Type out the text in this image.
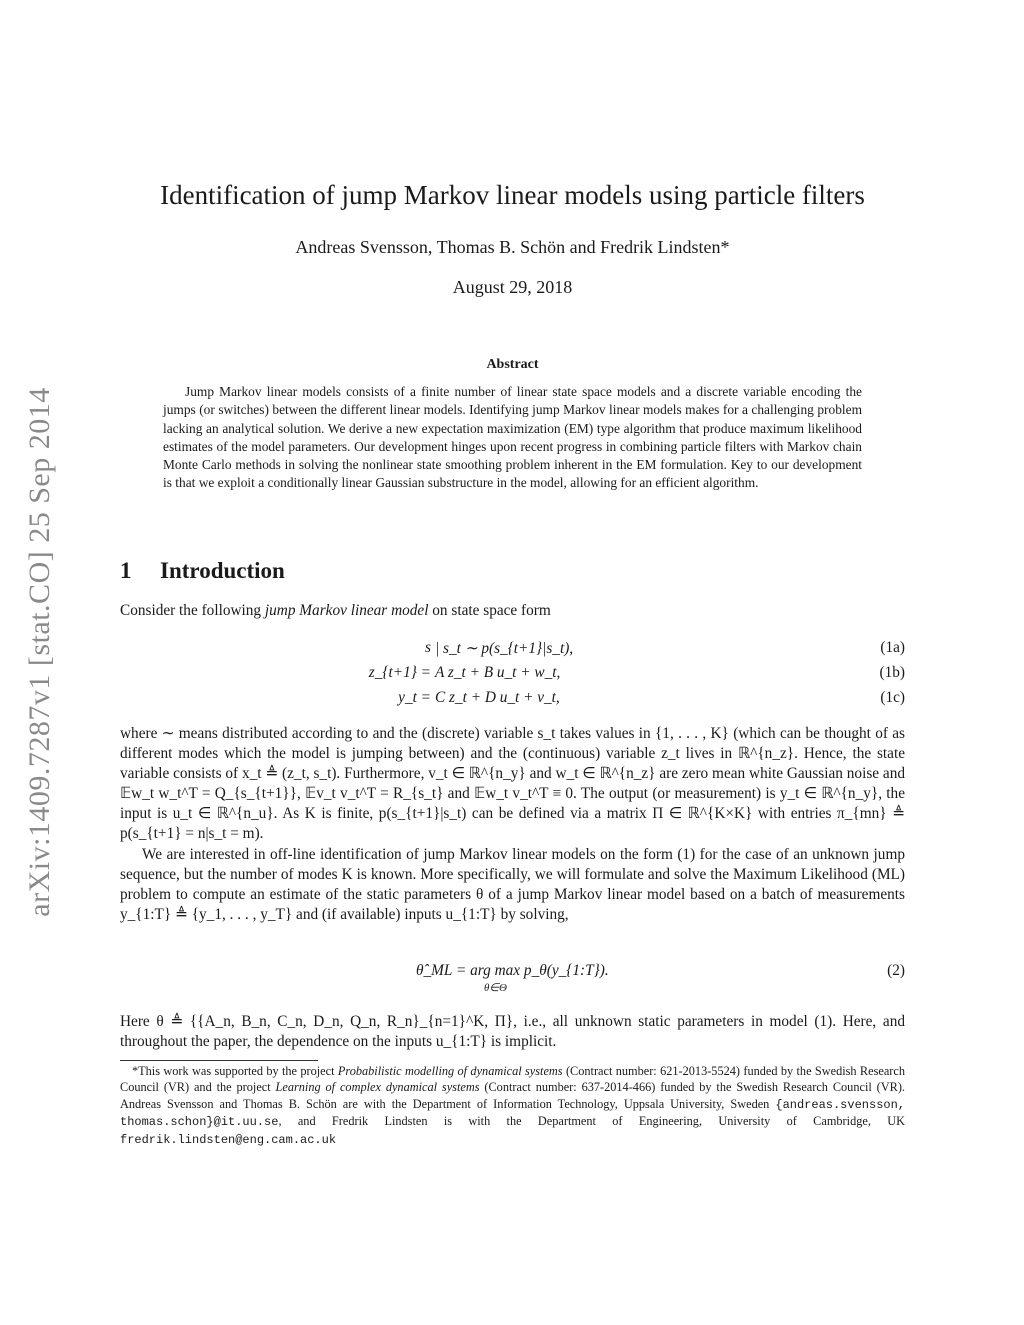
arXiv:1409.7287v1 [stat.CO] 25 Sep 2014
Identification of jump Markov linear models using particle filters
Andreas Svensson, Thomas B. Schön and Fredrik Lindsten*
August 29, 2018
Abstract

Jump Markov linear models consists of a finite number of linear state space models and a discrete variable encoding the jumps (or switches) between the different linear models. Identifying jump Markov linear models makes for a challenging problem lacking an analytical solution. We derive a new expectation maximization (EM) type algorithm that produce maximum likelihood estimates of the model parameters. Our development hinges upon recent progress in combining particle filters with Markov chain Monte Carlo methods in solving the nonlinear state smoothing problem inherent in the EM formulation. Key to our development is that we exploit a conditionally linear Gaussian substructure in the model, allowing for an efficient algorithm.

1 Introduction

Consider the following jump Markov linear model on state space form

s | s_t ∼ p(s_{t+1}|s_t),	(1a)
z_{t+1} = A z_t + B u_t + w_t,	(1b)
y_t = C z_t + D u_t + v_t,	(1c)

where ∼ means distributed according to and the (discrete) variable s_t takes values in {1, . . . , K} (which can be thought of as different modes which the model is jumping between) and the (continuous) variable z_t lives in ℝ^{n_z}. Hence, the state variable consists of x_t ≜ (z_t, s_t). Furthermore, v_t ∈ ℝ^{n_y} and w_t ∈ ℝ^{n_z} are zero mean white Gaussian noise and 𝔼w_t w_t^T = Q_{s_{t+1}}, 𝔼v_t v_t^T = R_{s_t} and 𝔼w_t v_t^T ≡ 0. The output (or measurement) is y_t ∈ ℝ^{n_y}, the input is u_t ∈ ℝ^{n_u}. As K is finite, p(s_{t+1}|s_t) can be defined via a matrix Π ∈ ℝ^{K×K} with entries π_{mn} ≜ p(s_{t+1} = n|s_t = m).

We are interested in off-line identification of jump Markov linear models on the form (1) for the case of an unknown jump sequence, but the number of modes K is known. More specifically, we will formulate and solve the Maximum Likelihood (ML) problem to compute an estimate of the static parameters θ of a jump Markov linear model based on a batch of measurements y_{1:T} ≜ {y_1, . . . , y_T} and (if available) inputs u_{1:T} by solving,

θ̂_ML = arg max p_θ(y_{1:T}).
θ∈Θ
(2)

Here θ ≜ {{A_n, B_n, C_n, D_n, Q_n, R_n}_{n=1}^K, Π}, i.e., all unknown static parameters in model (1). Here, and throughout the paper, the dependence on the inputs u_{1:T} is implicit.

*This work was supported by the project Probabilistic modelling of dynamical systems (Contract number: 621-2013-5524) funded by the Swedish Research Council (VR) and the project Learning of complex dynamical systems (Contract number: 637-2014-466) funded by the Swedish Research Council (VR). Andreas Svensson and Thomas B. Schön are with the Department of Information Technology, Uppsala University, Sweden {andreas.svensson, thomas.schon}@it.uu.se, and Fredrik Lindsten is with the Department of Engineering, University of Cambridge, UK fredrik.lindsten@eng.cam.ac.uk
